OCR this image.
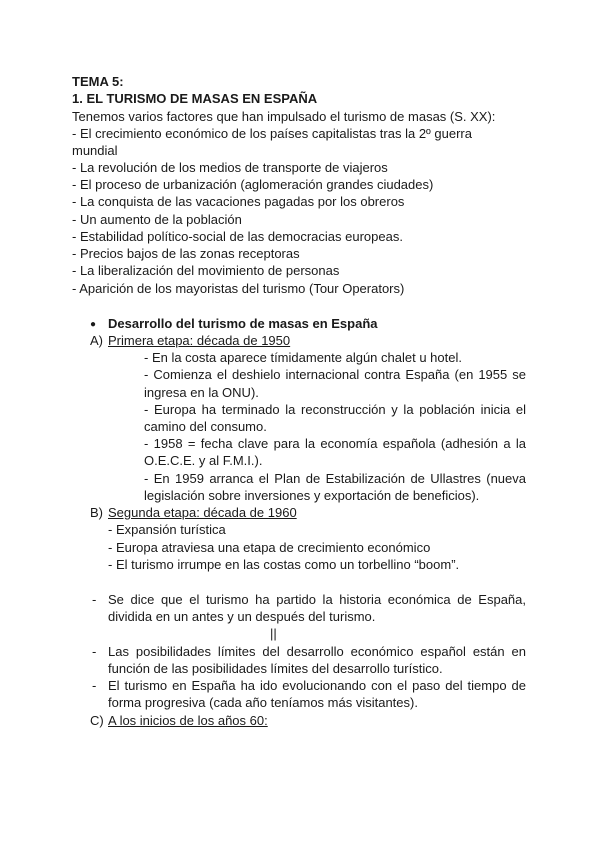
TEMA 5:
1. EL TURISMO DE MASAS EN ESPAÑA
Tenemos varios factores que han impulsado el turismo de masas (S. XX):
- El crecimiento económico de los países capitalistas tras la 2º guerra
mundial
- La revolución de los medios de transporte de viajeros
- El proceso de urbanización (aglomeración grandes ciudades)
- La conquista de las vacaciones pagadas por los obreros
- Un aumento de la población
- Estabilidad político-social de las democracias europeas.
- Precios bajos de las zonas receptoras
- La liberalización del movimiento de personas
- Aparición de los mayoristas del turismo (Tour Operators)
● Desarrollo del turismo de masas en España
A) Primera etapa: década de 1950
- En la costa aparece tímidamente algún chalet u hotel.
- Comienza el deshielo internacional contra España (en 1955 se
ingresa en la ONU).
- Europa ha terminado la reconstrucción y la población inicia el
camino del consumo.
- 1958 = fecha clave para la economía española (adhesión a la
O.E.C.E. y al F.M.I.).
- En 1959 arranca el Plan de Estabilización de Ullastres (nueva
legislación sobre inversiones y exportación de beneficios).
B) Segunda etapa: década de 1960
- Expansión turística
- Europa atraviesa una etapa de crecimiento económico
- El turismo irrumpe en las costas como un torbellino “boom”.
- Se dice que el turismo ha partido la historia económica de España,
dividida en un antes y un después del turismo.
||
- Las posibilidades límites del desarrollo económico español están en
función de las posibilidades límites del desarrollo turístico.
- El turismo en España ha ido evolucionando con el paso del tiempo de
forma progresiva (cada año teníamos más visitantes).
C) A los inicios de los años 60:
